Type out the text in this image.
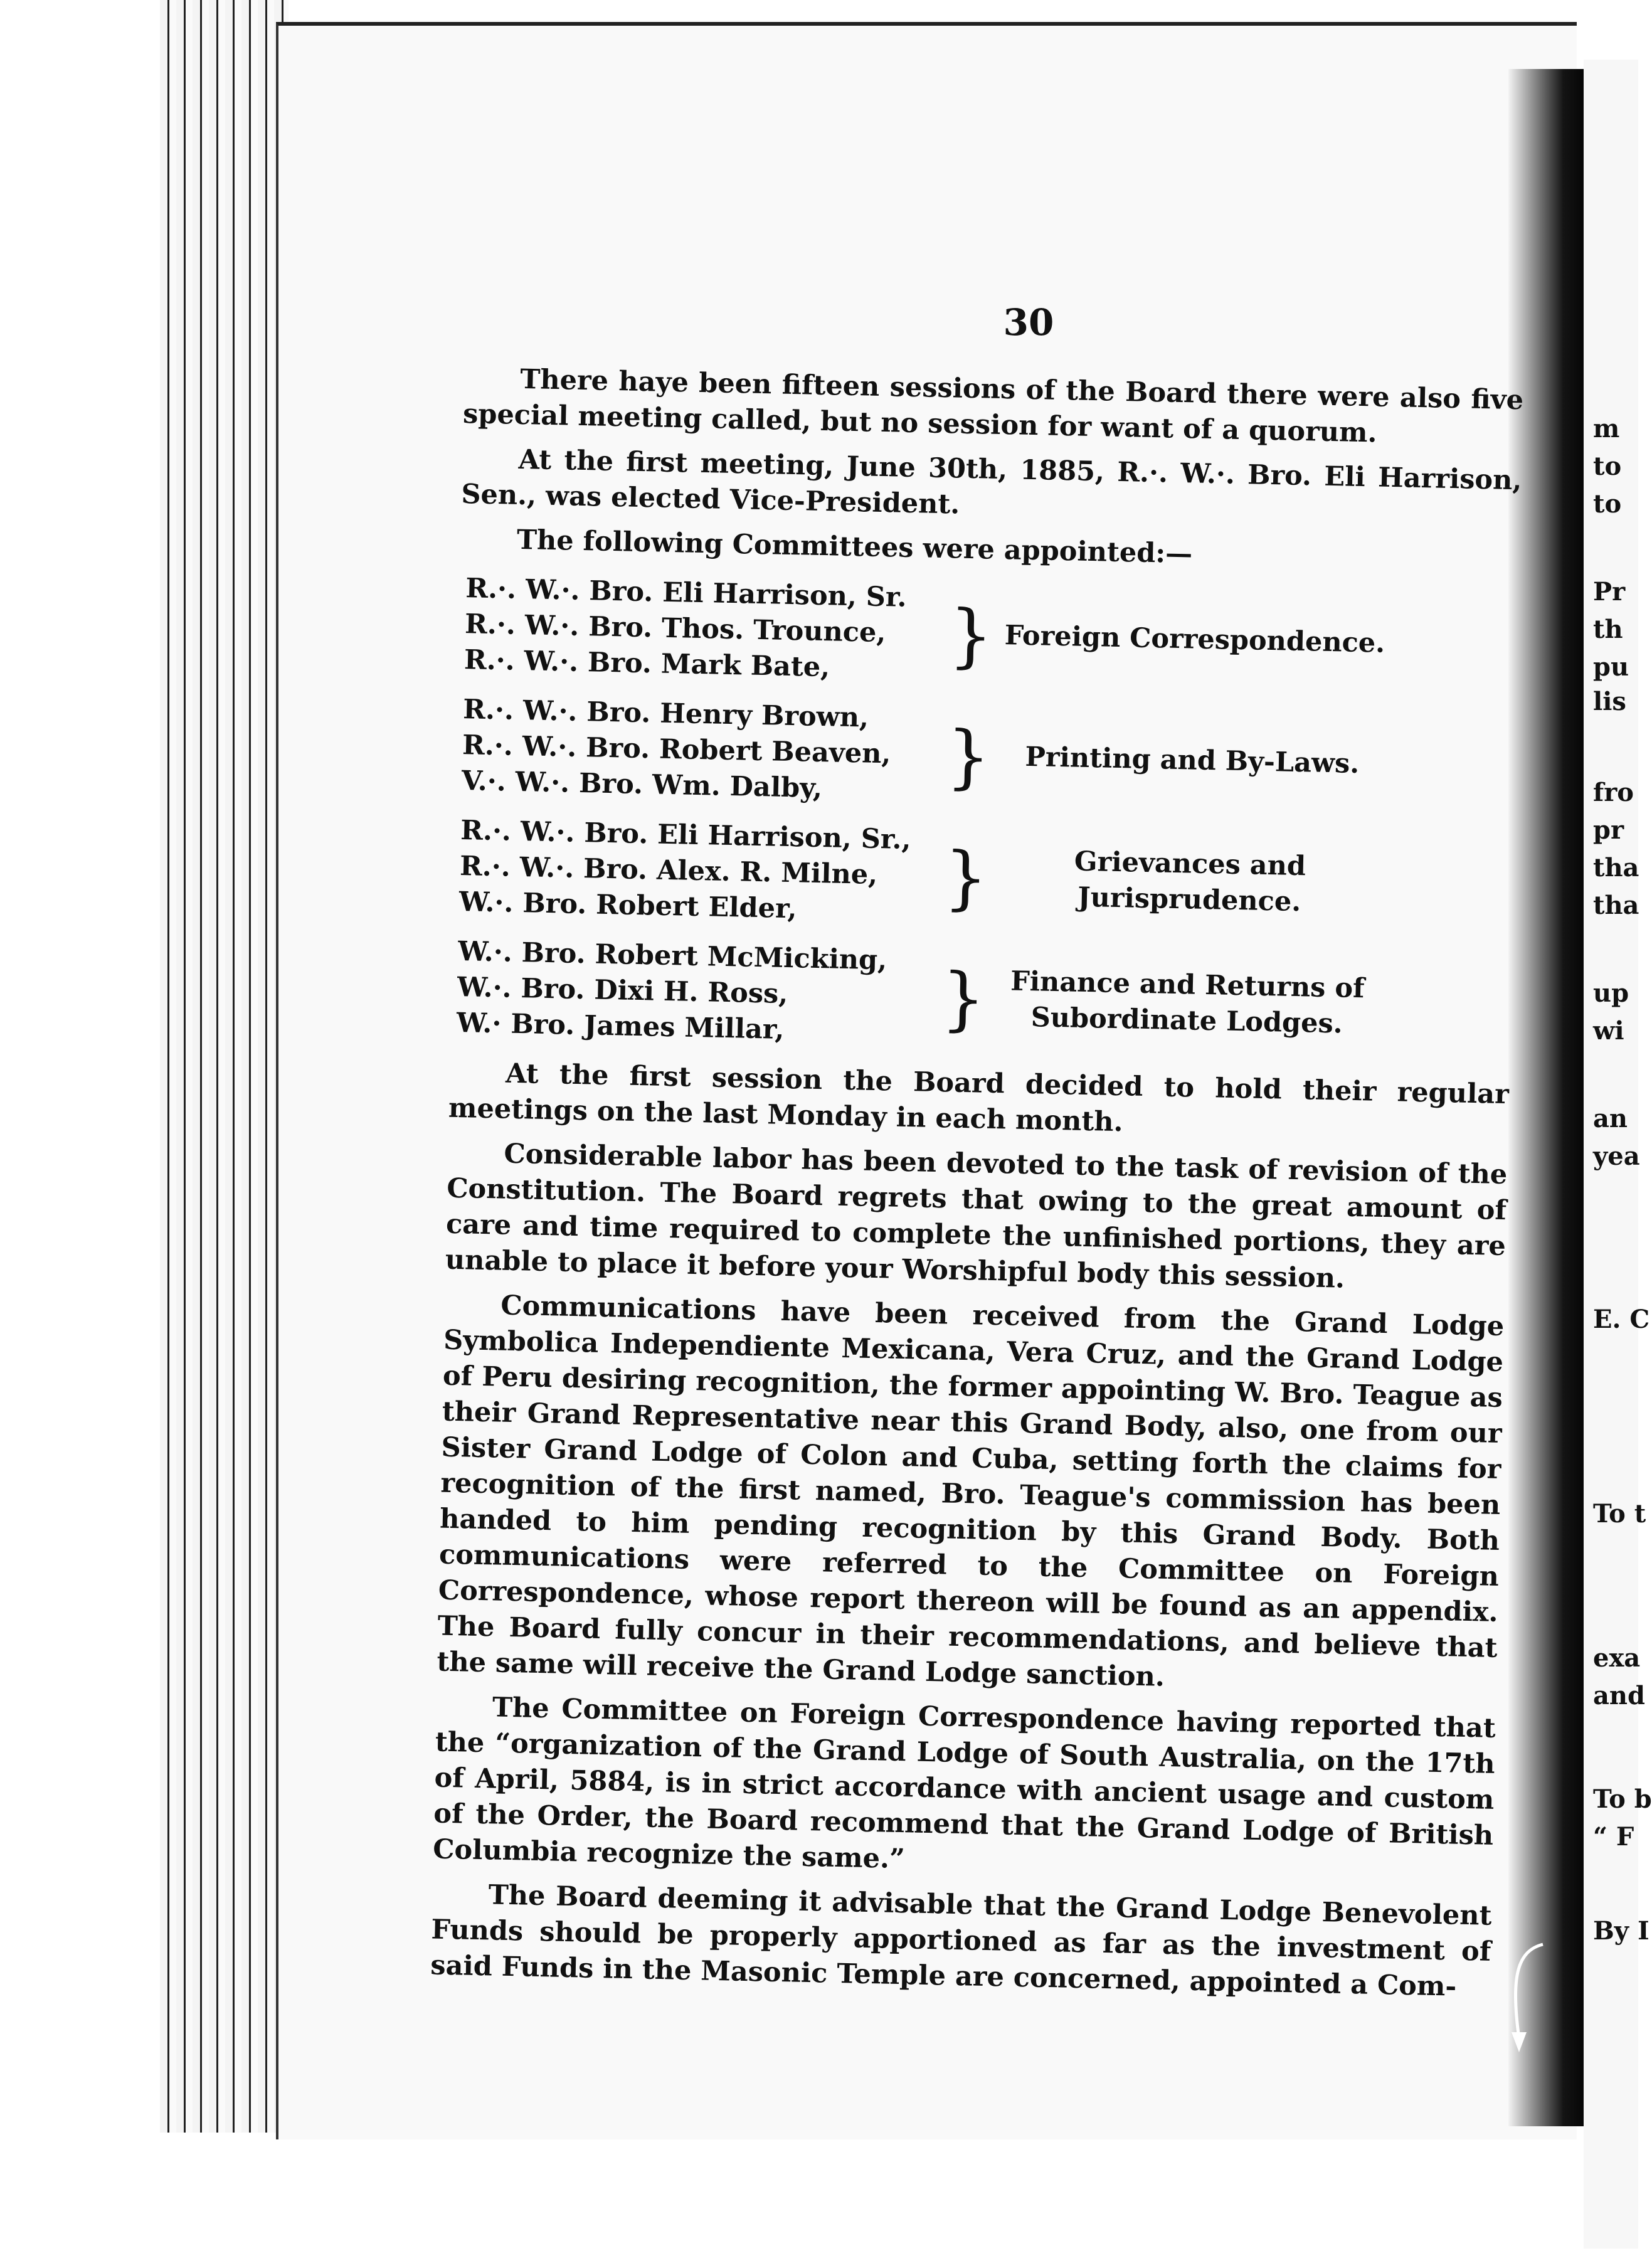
30

There haye been fifteen sessions of the Board there were also five special meeting called, but no session for want of a quorum.

At the first meeting, June 30th, 1885, R.·. W.·. Bro. Eli Harrison, Sen., was elected Vice-President.

The following Committees were appointed:—

R.·. W.·. Bro. Eli Harrison, Sr.
R.·. W.·. Bro. Thos. Trounce,
R.·. W.·. Bro. Mark Bate,	} Foreign Correspondence.
R.·. W.·. Bro. Henry Brown,
R.·. W.·. Bro. Robert Beaven,
V.·. W.·. Bro. Wm. Dalby,	}	Printing and By-Laws.
R.·. W.·. Bro. Eli Harrison, Sr.,
R.·. W.·. Bro. Alex. R. Milne,
W.·. Bro. Robert Elder,	}	Grievances and Jurisprudence.
W.·. Bro. Robert McMicking,
W.·. Bro. Dixi H. Ross,
W.· Bro. James Millar,	} Finance and Returns of Subordinate Lodges.

At the first session the Board decided to hold their regular meetings on the last Monday in each month.

Considerable labor has been devoted to the task of revision of the Constitution. The Board regrets that owing to the great amount of care and time required to complete the unfinished portions, they are unable to place it before your Worshipful body this session.

Communications have been received from the Grand Lodge Symbolica Independiente Mexicana, Vera Cruz, and the Grand Lodge of Peru desiring recognition, the former appointing W. Bro. Teague as their Grand Representative near this Grand Body, also, one from our Sister Grand Lodge of Colon and Cuba, setting forth the claims for recognition of the first named, Bro. Teague's commission has been handed to him pending recognition by this Grand Body. Both communications were referred to the Committee on Foreign Correspondence, whose report thereon will be found as an appendix. The Board fully concur in their recommendations, and believe that the same will receive the Grand Lodge sanction.

The Committee on Foreign Correspondence having reported that the “organization of the Grand Lodge of South Australia, on the 17th of April, 5884, is in strict accordance with ancient usage and custom of the Order, the Board recommend that the Grand Lodge of British Columbia recognize the same.”

The Board deeming it advisable that the Grand Lodge Benevolent Funds should be properly apportioned as far as the investment of said Funds in the Masonic Temple are concerned, appointed a Com-

m
to
to
Pr
th
pu
lis
fro
pr
tha
tha
up
wi
an
yea
E. C
To t
exa
and
To b
“ F
By I
